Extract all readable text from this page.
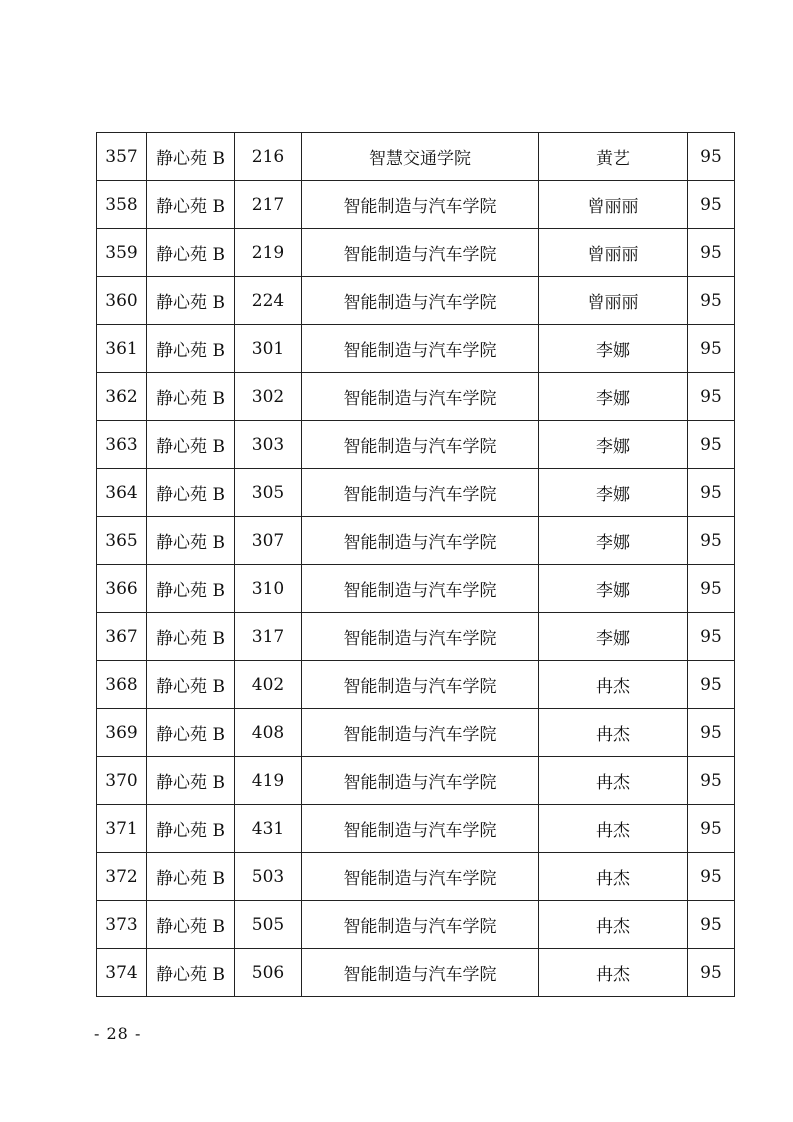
357	静心苑 B	216	智慧交通学院	黄艺	95
358	静心苑 B	217	智能制造与汽车学院	曾丽丽	95
359	静心苑 B	219	智能制造与汽车学院	曾丽丽	95
360	静心苑 B	224	智能制造与汽车学院	曾丽丽	95
361	静心苑 B	301	智能制造与汽车学院	李娜	95
362	静心苑 B	302	智能制造与汽车学院	李娜	95
363	静心苑 B	303	智能制造与汽车学院	李娜	95
364	静心苑 B	305	智能制造与汽车学院	李娜	95
365	静心苑 B	307	智能制造与汽车学院	李娜	95
366	静心苑 B	310	智能制造与汽车学院	李娜	95
367	静心苑 B	317	智能制造与汽车学院	李娜	95
368	静心苑 B	402	智能制造与汽车学院	冉杰	95
369	静心苑 B	408	智能制造与汽车学院	冉杰	95
370	静心苑 B	419	智能制造与汽车学院	冉杰	95
371	静心苑 B	431	智能制造与汽车学院	冉杰	95
372	静心苑 B	503	智能制造与汽车学院	冉杰	95
373	静心苑 B	505	智能制造与汽车学院	冉杰	95
374	静心苑 B	506	智能制造与汽车学院	冉杰	95
- 28 -
